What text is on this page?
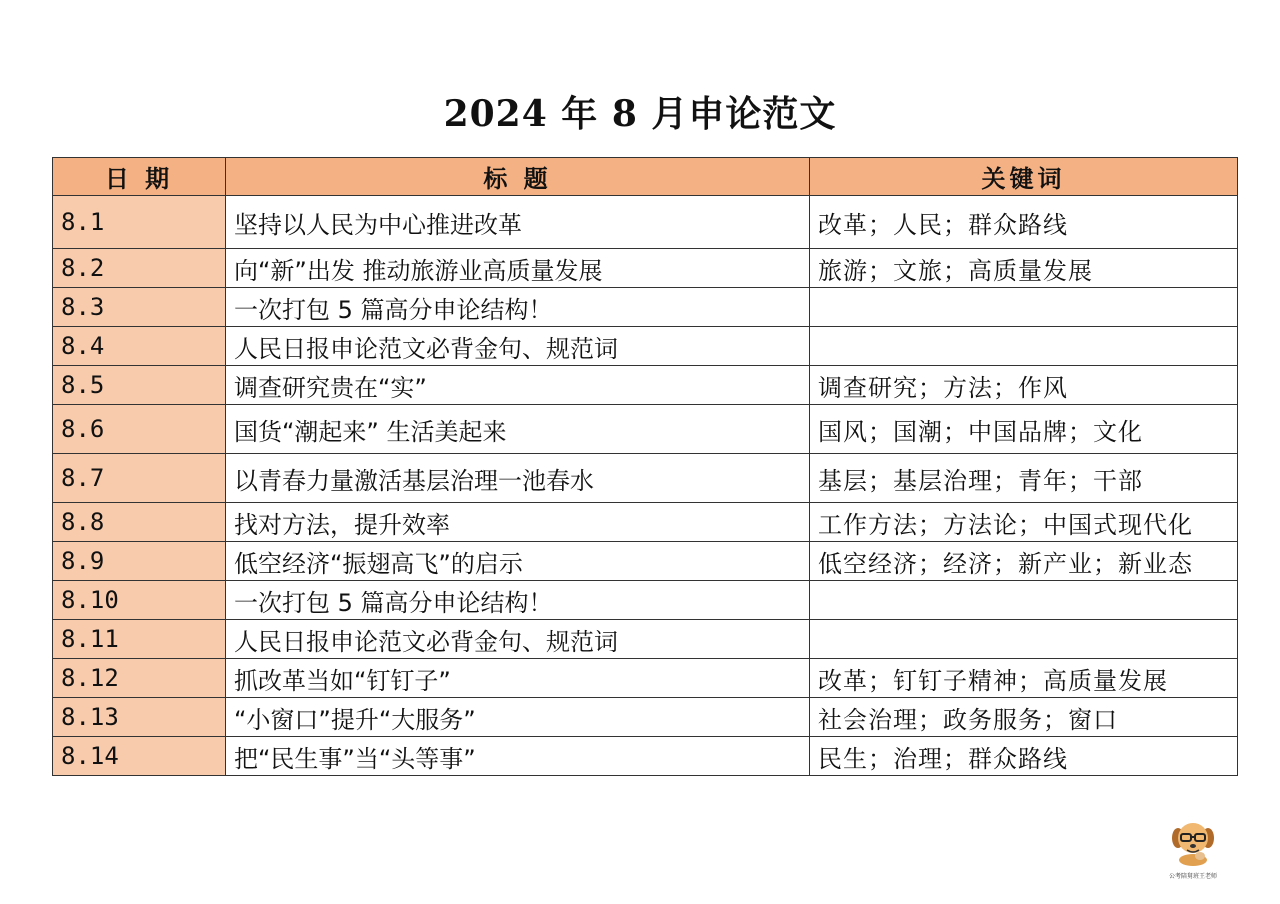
2024 年 8 月申论范文
日 期	标 题	关键词
8.1	坚持以人民为中心推进改革	改革；人民；群众路线
8.2	向“新”出发 推动旅游业高质量发展	旅游；文旅；高质量发展
8.3	一次打包 5 篇高分申论结构！	
8.4	人民日报申论范文必背金句、规范词	
8.5	调查研究贵在“实”	调查研究；方法；作风
8.6	国货“潮起来” 生活美起来	国风；国潮；中国品牌；文化
8.7	以青春力量激活基层治理一池春水	基层；基层治理；青年；干部
8.8	找对方法，提升效率	工作方法；方法论；中国式现代化
8.9	低空经济“振翅高飞”的启示	低空经济；经济；新产业；新业态
8.10	一次打包 5 篇高分申论结构！	
8.11	人民日报申论范文必背金句、规范词	
8.12	抓改革当如“钉钉子”	改革；钉钉子精神；高质量发展
8.13	“小窗口”提升“大服务”	社会治理；政务服务；窗口
8.14	把“民生事”当“头等事”	民生；治理；群众路线
公考陪舅班王老师
